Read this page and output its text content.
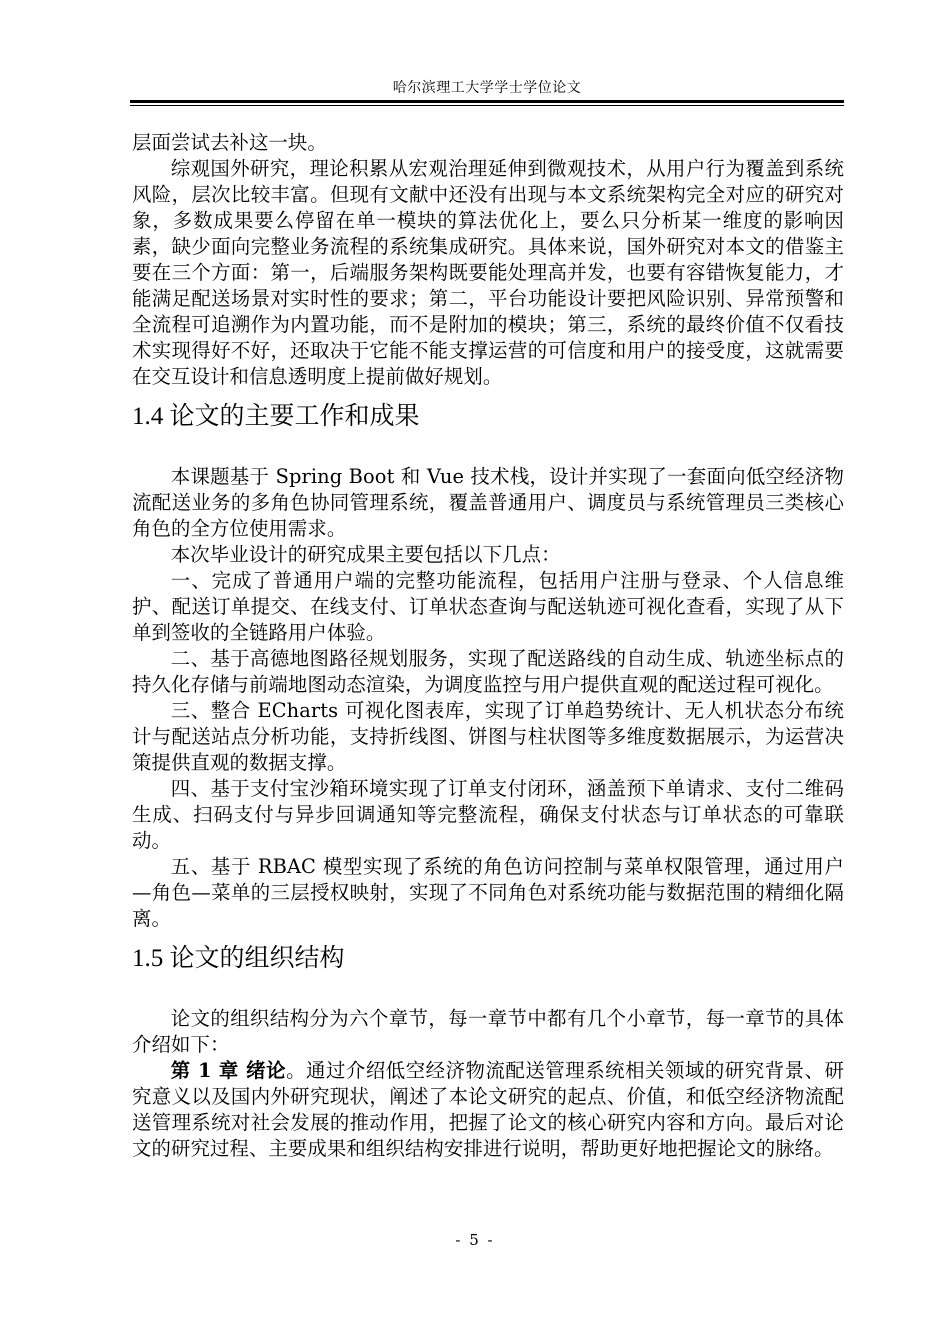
哈尔滨理工大学学士学位论文

层面尝试去补这一块。

综观国外研究，理论积累从宏观治理延伸到微观技术，从用户行为覆盖到系统风险，层次比较丰富。但现有文献中还没有出现与本文系统架构完全对应的研究对象，多数成果要么停留在单一模块的算法优化上，要么只分析某一维度的影响因素，缺少面向完整业务流程的系统集成研究。具体来说，国外研究对本文的借鉴主要在三个方面：第一，后端服务架构既要能处理高并发，也要有容错恢复能力，才能满足配送场景对实时性的要求；第二，平台功能设计要把风险识别、异常预警和全流程可追溯作为内置功能，而不是附加的模块；第三，系统的最终价值不仅看技术实现得好不好，还取决于它能不能支撑运营的可信度和用户的接受度，这就需要在交互设计和信息透明度上提前做好规划。

1.4 论文的主要工作和成果

本课题基于 Spring Boot 和 Vue 技术栈，设计并实现了一套面向低空经济物流配送业务的多角色协同管理系统，覆盖普通用户、调度员与系统管理员三类核心角色的全方位使用需求。

本次毕业设计的研究成果主要包括以下几点：

一、完成了普通用户端的完整功能流程，包括用户注册与登录、个人信息维护、配送订单提交、在线支付、订单状态查询与配送轨迹可视化查看，实现了从下单到签收的全链路用户体验。

二、基于高德地图路径规划服务，实现了配送路线的自动生成、轨迹坐标点的持久化存储与前端地图动态渲染，为调度监控与用户提供直观的配送过程可视化。

三、整合 ECharts 可视化图表库，实现了订单趋势统计、无人机状态分布统计与配送站点分析功能，支持折线图、饼图与柱状图等多维度数据展示，为运营决策提供直观的数据支撑。

四、基于支付宝沙箱环境实现了订单支付闭环，涵盖预下单请求、支付二维码生成、扫码支付与异步回调通知等完整流程，确保支付状态与订单状态的可靠联动。

五、基于 RBAC 模型实现了系统的角色访问控制与菜单权限管理，通过用户—角色—菜单的三层授权映射，实现了不同角色对系统功能与数据范围的精细化隔离。

1.5 论文的组织结构

论文的组织结构分为六个章节，每一章节中都有几个小章节，每一章节的具体介绍如下：

第 1 章 绪论。通过介绍低空经济物流配送管理系统相关领域的研究背景、研究意义以及国内外研究现状，阐述了本论文研究的起点、价值，和低空经济物流配送管理系统对社会发展的推动作用，把握了论文的核心研究内容和方向。最后对论文的研究过程、主要成果和组织结构安排进行说明，帮助更好地把握论文的脉络。

- 5 -
